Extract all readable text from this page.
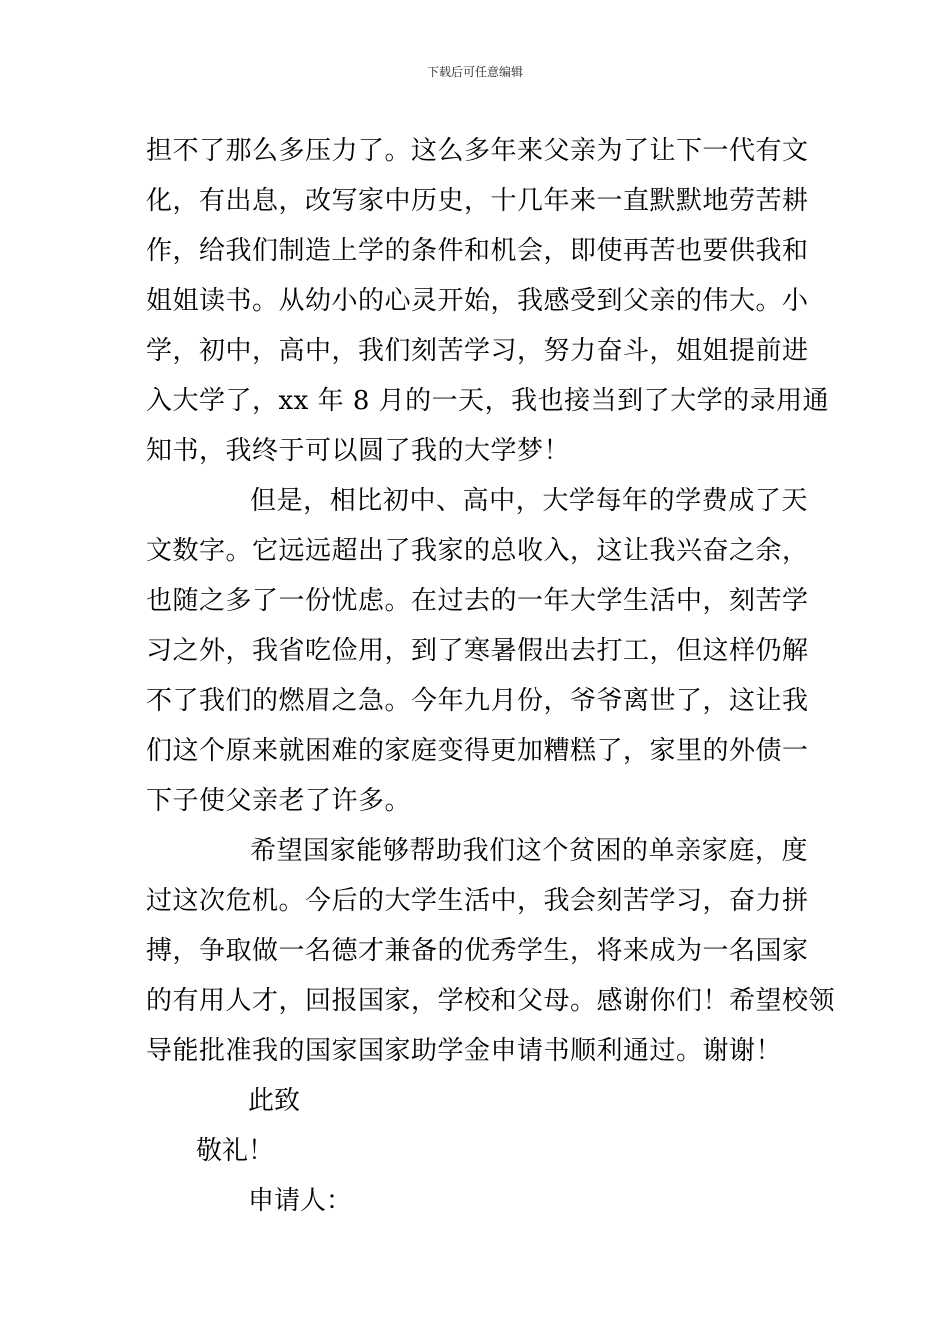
下载后可任意编辑
担不了那么多压力了。这么多年来父亲为了让下一代有文
化，有出息，改写家中历史，十几年来一直默默地劳苦耕
作，给我们制造上学的条件和机会，即使再苦也要供我和
姐姐读书。从幼小的心灵开始，我感受到父亲的伟大。小
学，初中，高中，我们刻苦学习，努力奋斗，姐姐提前进
入大学了，xx 年 8 月的一天，我也接当到了大学的录用通
知书，我终于可以圆了我的大学梦！
但是，相比初中、高中，大学每年的学费成了天
文数字。它远远超出了我家的总收入，这让我兴奋之余，
也随之多了一份忧虑。在过去的一年大学生活中，刻苦学
习之外，我省吃俭用，到了寒暑假出去打工，但这样仍解
不了我们的燃眉之急。今年九月份，爷爷离世了，这让我
们这个原来就困难的家庭变得更加糟糕了，家里的外债一
下子使父亲老了许多。
希望国家能够帮助我们这个贫困的单亲家庭，度
过这次危机。今后的大学生活中，我会刻苦学习，奋力拼
搏，争取做一名德才兼备的优秀学生，将来成为一名国家
的有用人才，回报国家，学校和父母。感谢你们！希望校领
导能批准我的国家国家助学金申请书顺利通过。谢谢！
此致
敬礼！
申请人：
